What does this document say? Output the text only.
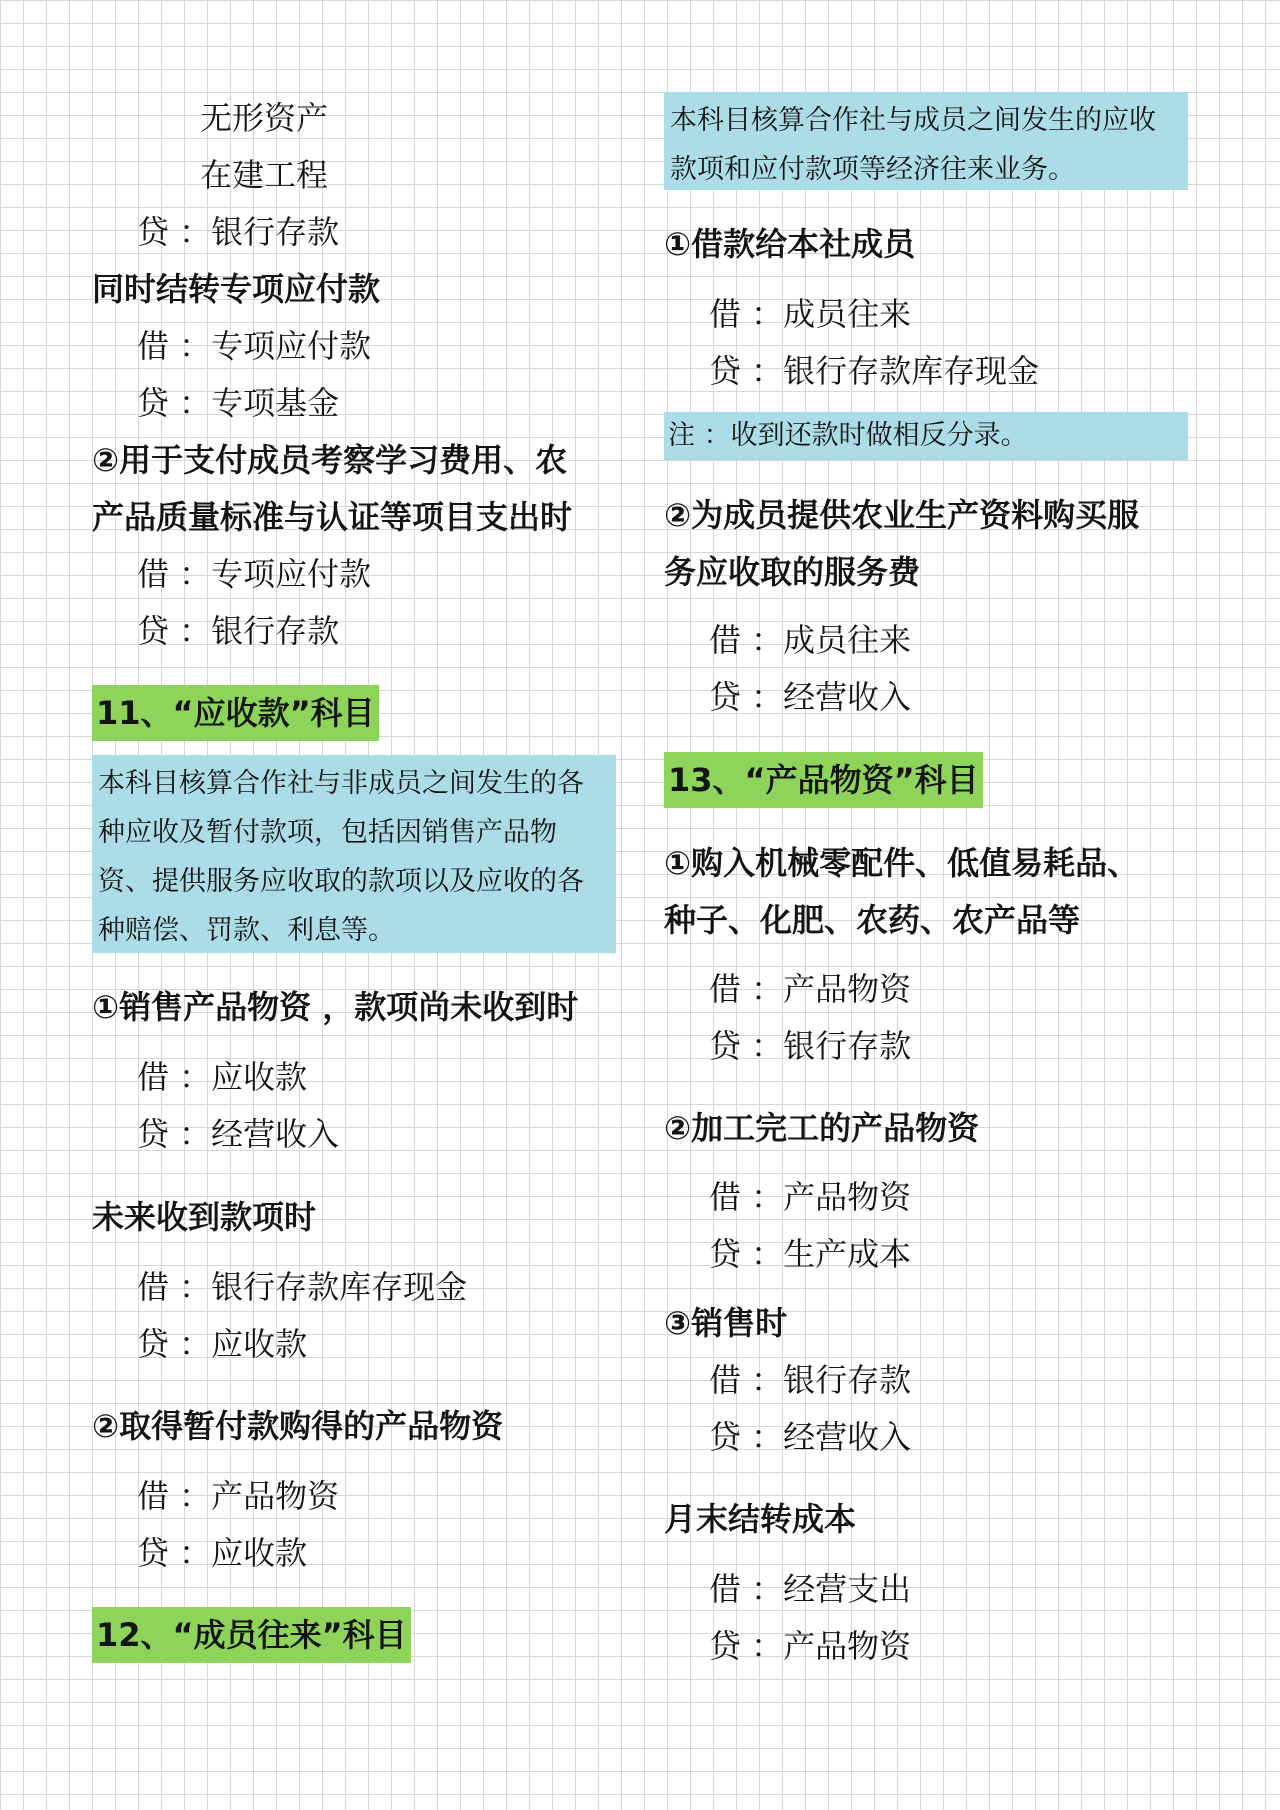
无形资产
在建工程
贷 ：银行存款
同时结转专项应付款
借 ：专项应付款
贷 ：专项基金
②用于支付成员考察学习费用、农
产品质量标准与认证等项目支出时
借 ：专项应付款
贷 ：银行存款
11、“应收款”科目
本科目核算合作社与非成员之间发生的各种应收及暂付款项，包括因销售产品物 资、提供服务应收取的款项以及应收的各种赔偿、罚款、利息等。
①销售产品物资 ，款项尚未收到时
借 ：应收款
贷 ：经营收入
未来收到款项时
借 ：银行存款库存现金
贷 ：应收款
②取得暂付款购得的产品物资
借 ：产品物资
贷 ：应收款
12、“成员往来”科目
本科目核算合作社与成员之间发生的应收款项和应付款项等经济往来业务。
①借款给本社成员
借 ：成员往来
贷 ：银行存款库存现金
注 ：收到还款时做相反分录。
②为成员提供农业生产资料购买服
务应收取的服务费
借 ：成员往来
贷 ：经营收入
13、“产品物资”科目
①购入机械零配件、低值易耗品、
种子、化肥、农药、农产品等
借 ：产品物资
贷 ：银行存款
②加工完工的产品物资
借 ：产品物资
贷 ：生产成本
③销售时
借 ：银行存款
贷 ：经营收入
月末结转成本
借 ：经营支出
贷 ：产品物资
